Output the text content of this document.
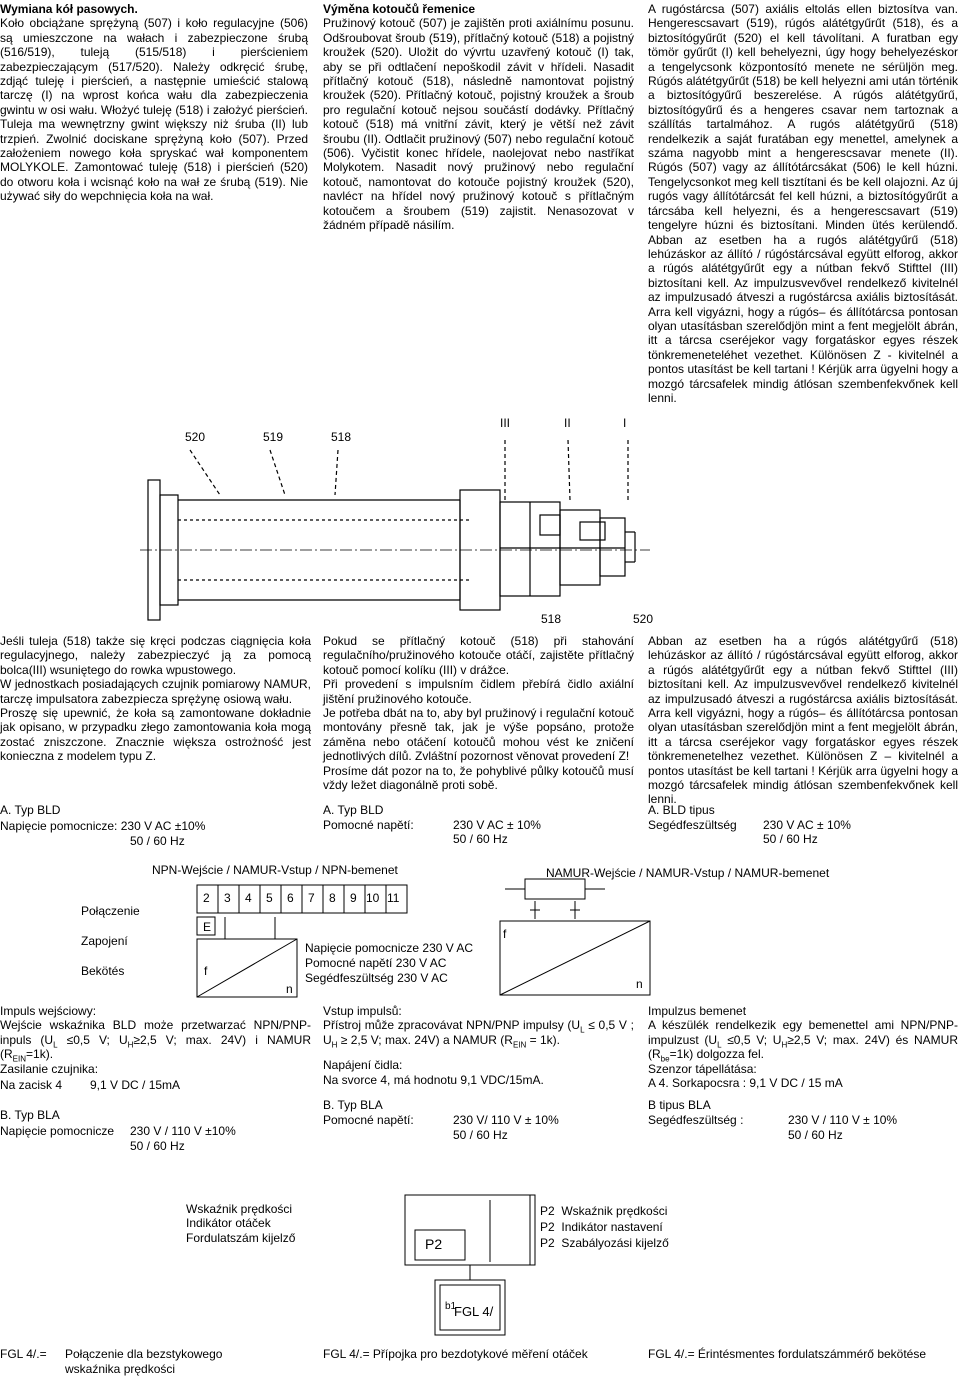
Wymiana kół pasowych.

Koło obciążane sprężyną (507) i koło regulacyjne (506) są umieszczone na wałach i zabezpieczone śrubą (516/519), tuleją (515/518) i pierścieniem zabezpieczającym (517/520). Należy odkręcić śrubę, zdjąć tuleję i pierścień, a następnie umieścić stalową tarczę (I) na wprost końca wału dla zabezpieczenia gwintu w osi wału. Włożyć tuleję (518) i założyć pierścień. Tuleja ma wewnętrzny gwint większy niż śruba (II) lub trzpień. Zwolnić dociskane sprężyną koło (507). Przed założeniem nowego koła spryskać wał komponentem MOLYKOLE. Zamontować tuleję (518) i pierścień (520) do otworu koła i wcisnąć koło na wał ze śrubą (519). Nie używać siły do wepchnięcia koła na wał.

Výměna kotoučů řemenice

Pružinový kotouč (507) je zajištěn proti axiálnímu posunu. Odšroubovat šroub (519), přítlačný kotouč (518) a pojistný kroužek (520). Uložit do vývrtu uzavřený kotouč (I) tak, aby se při odtlačení nepoškodil závit v hřídeli. Nasadit přítlačný kotouč (518), následně namontovat pojistný kroužek (520). Přítlačný kotouč, pojistný kroužek a šroub pro regulační kotouč nejsou součástí dodávky. Přítlačný kotouč (518) má vnitřní závit, který je větší než závit šroubu (II). Odtlačit pružinový (507) nebo regulační kotouč (506). Vyčistit konec hřídele, naolejovat nebo nastříkat Molykotem. Nasadit nový pružinový nebo regulační kotouč, namontovat do kotouče pojistný kroužek (520), navlécт na hřídel nový pružinový kotouč s přítlačným kotoučem a šroubem (519) zajistit. Nenasozovat v žádném případě násilím.

A rugóstárcsa (507) axiális eltolás ellen biztosítva van. Hengerescsavart (519), rúgós alátétgyűrűt (518), és a biztosítógyűrűt (520) el kell távolítani. A furatban egy tömör gyűrűt (I) kell behelyezni, úgy hogy behelyezéskor a tengelycsonk központosító menete ne sérüljön meg. Rúgós alátétgyűrűt (518) be kell helyezni ami után történik a biztosítógyűrű beszerelése. A rúgós alátétgyűrű, biztosítógyűrű és a hengeres csavar nem tartoznak a szállítás tartalmához. A rugós alátétgyűrű (518) rendelkezik a saját furatában egy menettel, amelynek a száma nagyobb mint a hengerescsavar menete (II). Rúgós (507) vagy az állítótárcsákat (506) le kell húzni. Tengelycsonkot meg kell tisztítani és be kell olajozni. Az új rugós vagy állítótárcsát fel kell húzni, a biztosítógyűrűt a tárcsába kell helyezni, és a hengerescsavart (519) tengelyre húzni és biztosítani. Minden ütés kerülendő. Abban az esetben ha a rugós alátétgyűrű (518) lehúzáskor az állító / rúgóstárcsával együtt elforog, akkor a rúgós alátétgyűrűt egy a nútban fekvő Stifttel (III) biztosítani kell. Az impulzusvevővel rendelkező kivitelnél az impulzusadó átveszi a rugóstárcsa axiális biztosítását. Arra kell vigyázni, hogy a rúgós– és állítótárcsa pontosan olyan utasításban szerelődjön mint a fent megjelölt ábrán, itt a tárcsa cseréjekor vagy forgatáskor egyes részek tönkremeneteléhet vezethet. Különösen Z - kivitelnél a pontos utasítást be kell tartani ! Kérjük arra ügyelni hogy a mozgó tárcsafelek mindig átlósan szembenfekvőnek kell lenni.

520	519	518
III	II	I
518	520

Jeśli tuleja (518) także się kręci podczas ciągnięcia koła regulacyjnego, należy zabezpieczyć ją za pomocą bolca(III) wsuniętego do rowka wpustowego.

W jednostkach posiadających czujnik pomiarowy NAMUR, tarczę impulsatora zabezpiecza sprężynę osiową wału.

Proszę się upewnić, że koła są zamontowane dokładnie jak opisano, w przypadku złego zamontowania koła mogą zostać zniszczone. Znacznie większa ostrożność jest konieczna z modelem typu Z.

A. Typ BLD
Napięcie pomocnicze: 230 V AC ±10%
50 / 60 Hz

Pokud se přítlačný kotouč (518) při stahování regulačního/pružinového kotouče otáčí, zajistěte přítlačný kotouč pomocí kolíku (III) v drážce.

Při provedení s impulsním čidlem přebírá čidlo axiální jištění pružinového kotouče.

Je potřeba dbát na to, aby byl pružinový i regulační kotouč montovány přesně tak, jak je výše popsáno, protože záměna nebo otáčení kotoučů mohou vést ke zničení jednotlivých dílů. Zvláštní pozornost věnovat provedení Z!

Prosíme dát pozor na to, že pohyblivé půlky kotoučů musí vždy ležet diagonálně proti sobě.

A. Typ BLD
Pomocné napětí:	230 V AC ± 10%
50 / 60 Hz

Abban az esetben ha a rúgós alátétgyűrű (518) lehúzáskor az állító / rúgóstárcsával együtt elforog, akkor a rúgós alátétgyűrűt egy a nútban fekvő Stifttel (III) biztosítani kell. Az impulzusvevővel rendelkező kivitelnél az impulzusadó átveszi a rugóstárcsa axiális biztosítását. Arra kell vigyázni, hogy a rúgós– és állítótárcsa pontosan olyan utasításban szerelődjön mint a fent megjelölt ábrán, itt a tárcsa cseréjekor vagy forgatáskor egyes részek tönkremenetelhez vezethet. Különösen Z – kivitelnél a pontos utasítást be kell tartani ! Kérjük arra ügyelni hogy a mozgó tárcsafelek mindig átlósan szembenfekvőnek kell lenni.

A. BLD tipus
Segédfeszültség 230 V AC ± 10%
50 / 60 Hz
NPN-Wejście / NAMUR-Vstup / NPN-bemenet	NAMUR-Wejście / NAMUR-Vstup / NAMUR-bemenet
Połączenie
Zapojení
Bekötés
2 3 4 5 6 7 8 9 10 11
E
f
n
f
n
Napięcie pomocnicze 230 V AC
Pomocné napětí 230 V AC
Segédfeszültség 230 V AC

Impuls wejściowy:

Wejście wskaźnika BLD może przetwarzać NPN/PNP-inpuls ($U_L \le 0,5$ V; $U_H\ge 2,5$ V; max. 24V) i NAMUR $(R_{EIN}=1k)$.

Zasilanie czujnika:

Na zacisk 4 9,1 V DC / 15mA
B. Typ BLA
Napięcie pomocnicze 230 V / 110 V ±10%
50 / 60 Hz

Vstup impulsů:

Přístroj může zpracovávat NPN/PNP impulsy ($U_L \le 0,5$ V ; $U_H \ge 2,5$ V; max. 24V) a NAMUR $(R_{EIN} = 1k)$.

Napájení čidla:
Na svorce 4, má hodnotu 9,1 VDC/15mA.
B. Typ BLA
Pomocné napětí:	230 V/ 110 V ± 10%
50 / 60 Hz

Impulzus bemenet

A készülék rendelkezik egy bemenettel ami NPN/PNP-impulzust ($U_L \le 0,5$ V; $U_H\ge 2,5$ V; max. 24V) és NAMUR $(R_{be}=1k)$ dolgozza fel.

Szenzor tápellátása:

A 4. Sorkapocsra : 9,1 V DC / 15 mA

B tipus BLA
Segédfeszültség :	230 V / 110 V ± 10%
50 / 60 Hz

Wskaźnik prędkości

Indikátor otáček

Fordulatszám kijelző

P2 Wskaźnik prędkości
P2 Indikátor nastavení
P2 Szabályozási kijelző
P2
FGL 4/
b1
FGL 4/.= Połączenie dla bezstykowego
wskaźnika prędkości
FGL 4/.= Přípojka pro bezdotykové měření otáček	FGL 4/.= Érintésmentes fordulatszámmérő bekötése
